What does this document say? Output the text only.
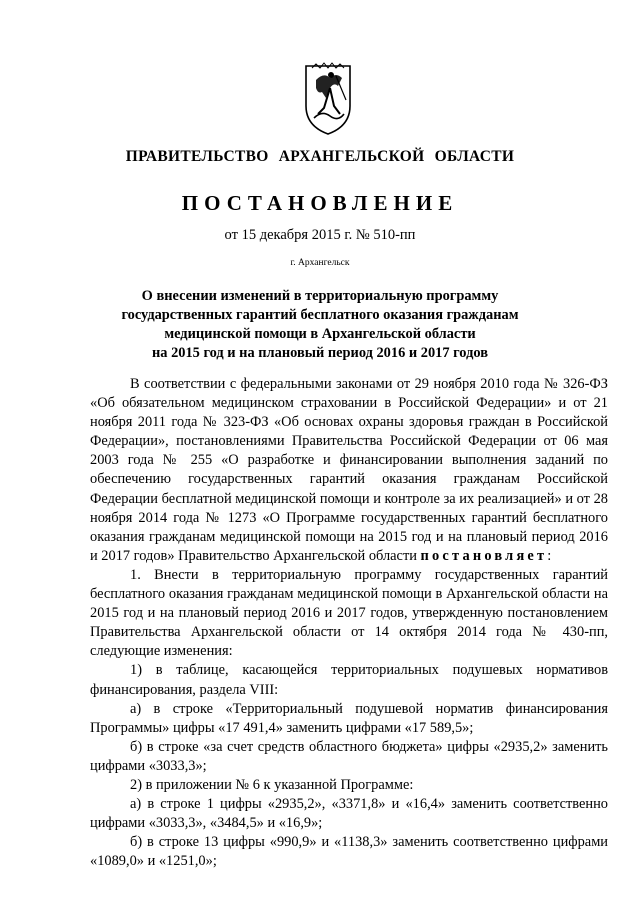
ПРАВИТЕЛЬСТВО АРХАНГЕЛЬСКОЙ ОБЛАСТИ
ПОСТАНОВЛЕНИЕ
от 15 декабря 2015 г. № 510-пп
г. Архангельск
О внесении изменений в территориальную программу
государственных гарантий бесплатного оказания гражданам
медицинской помощи в Архангельской области
на 2015 год и на плановый период 2016 и 2017 годов

В соответствии с федеральными законами от 29 ноября 2010 года № 326-ФЗ «Об обязательном медицинском страховании в Российской Федерации» и от 21 ноября 2011 года № 323-ФЗ «Об основах охраны здоровья граждан в Российской Федерации», постановлениями Правительства Российской Федерации от 06 мая 2003 года № 255 «О разработке и финансировании выполнения заданий по обеспечению государственных гарантий оказания гражданам Российской Федерации бесплатной медицинской помощи и контроле за их реализацией» и от 28 ноября 2014 года № 1273 «О Программе государственных гарантий бесплатного оказания гражданам медицинской помощи на 2015 год и на плановый период 2016 и 2017 годов» Правительство Архангельской области постановляет:

1. Внести в территориальную программу государственных гарантий бесплатного оказания гражданам медицинской помощи в Архангельской области на 2015 год и на плановый период 2016 и 2017 годов, утвержденную постановлением Правительства Архангельской области от 14 октября 2014 года № 430-пп, следующие изменения:

1) в таблице, касающейся территориальных подушевых нормативов финансирования, раздела VIII:

а) в строке «Территориальный подушевой норматив финансирования Программы» цифры «17 491,4» заменить цифрами «17 589,5»;

б) в строке «за счет средств областного бюджета» цифры «2935,2» заменить цифрами «3033,3»;

2) в приложении № 6 к указанной Программе:

а) в строке 1 цифры «2935,2», «3371,8» и «16,4» заменить соответственно цифрами «3033,3», «3484,5» и «16,9»;

б) в строке 13 цифры «990,9» и «1138,3» заменить соответственно цифрами «1089,0» и «1251,0»;
